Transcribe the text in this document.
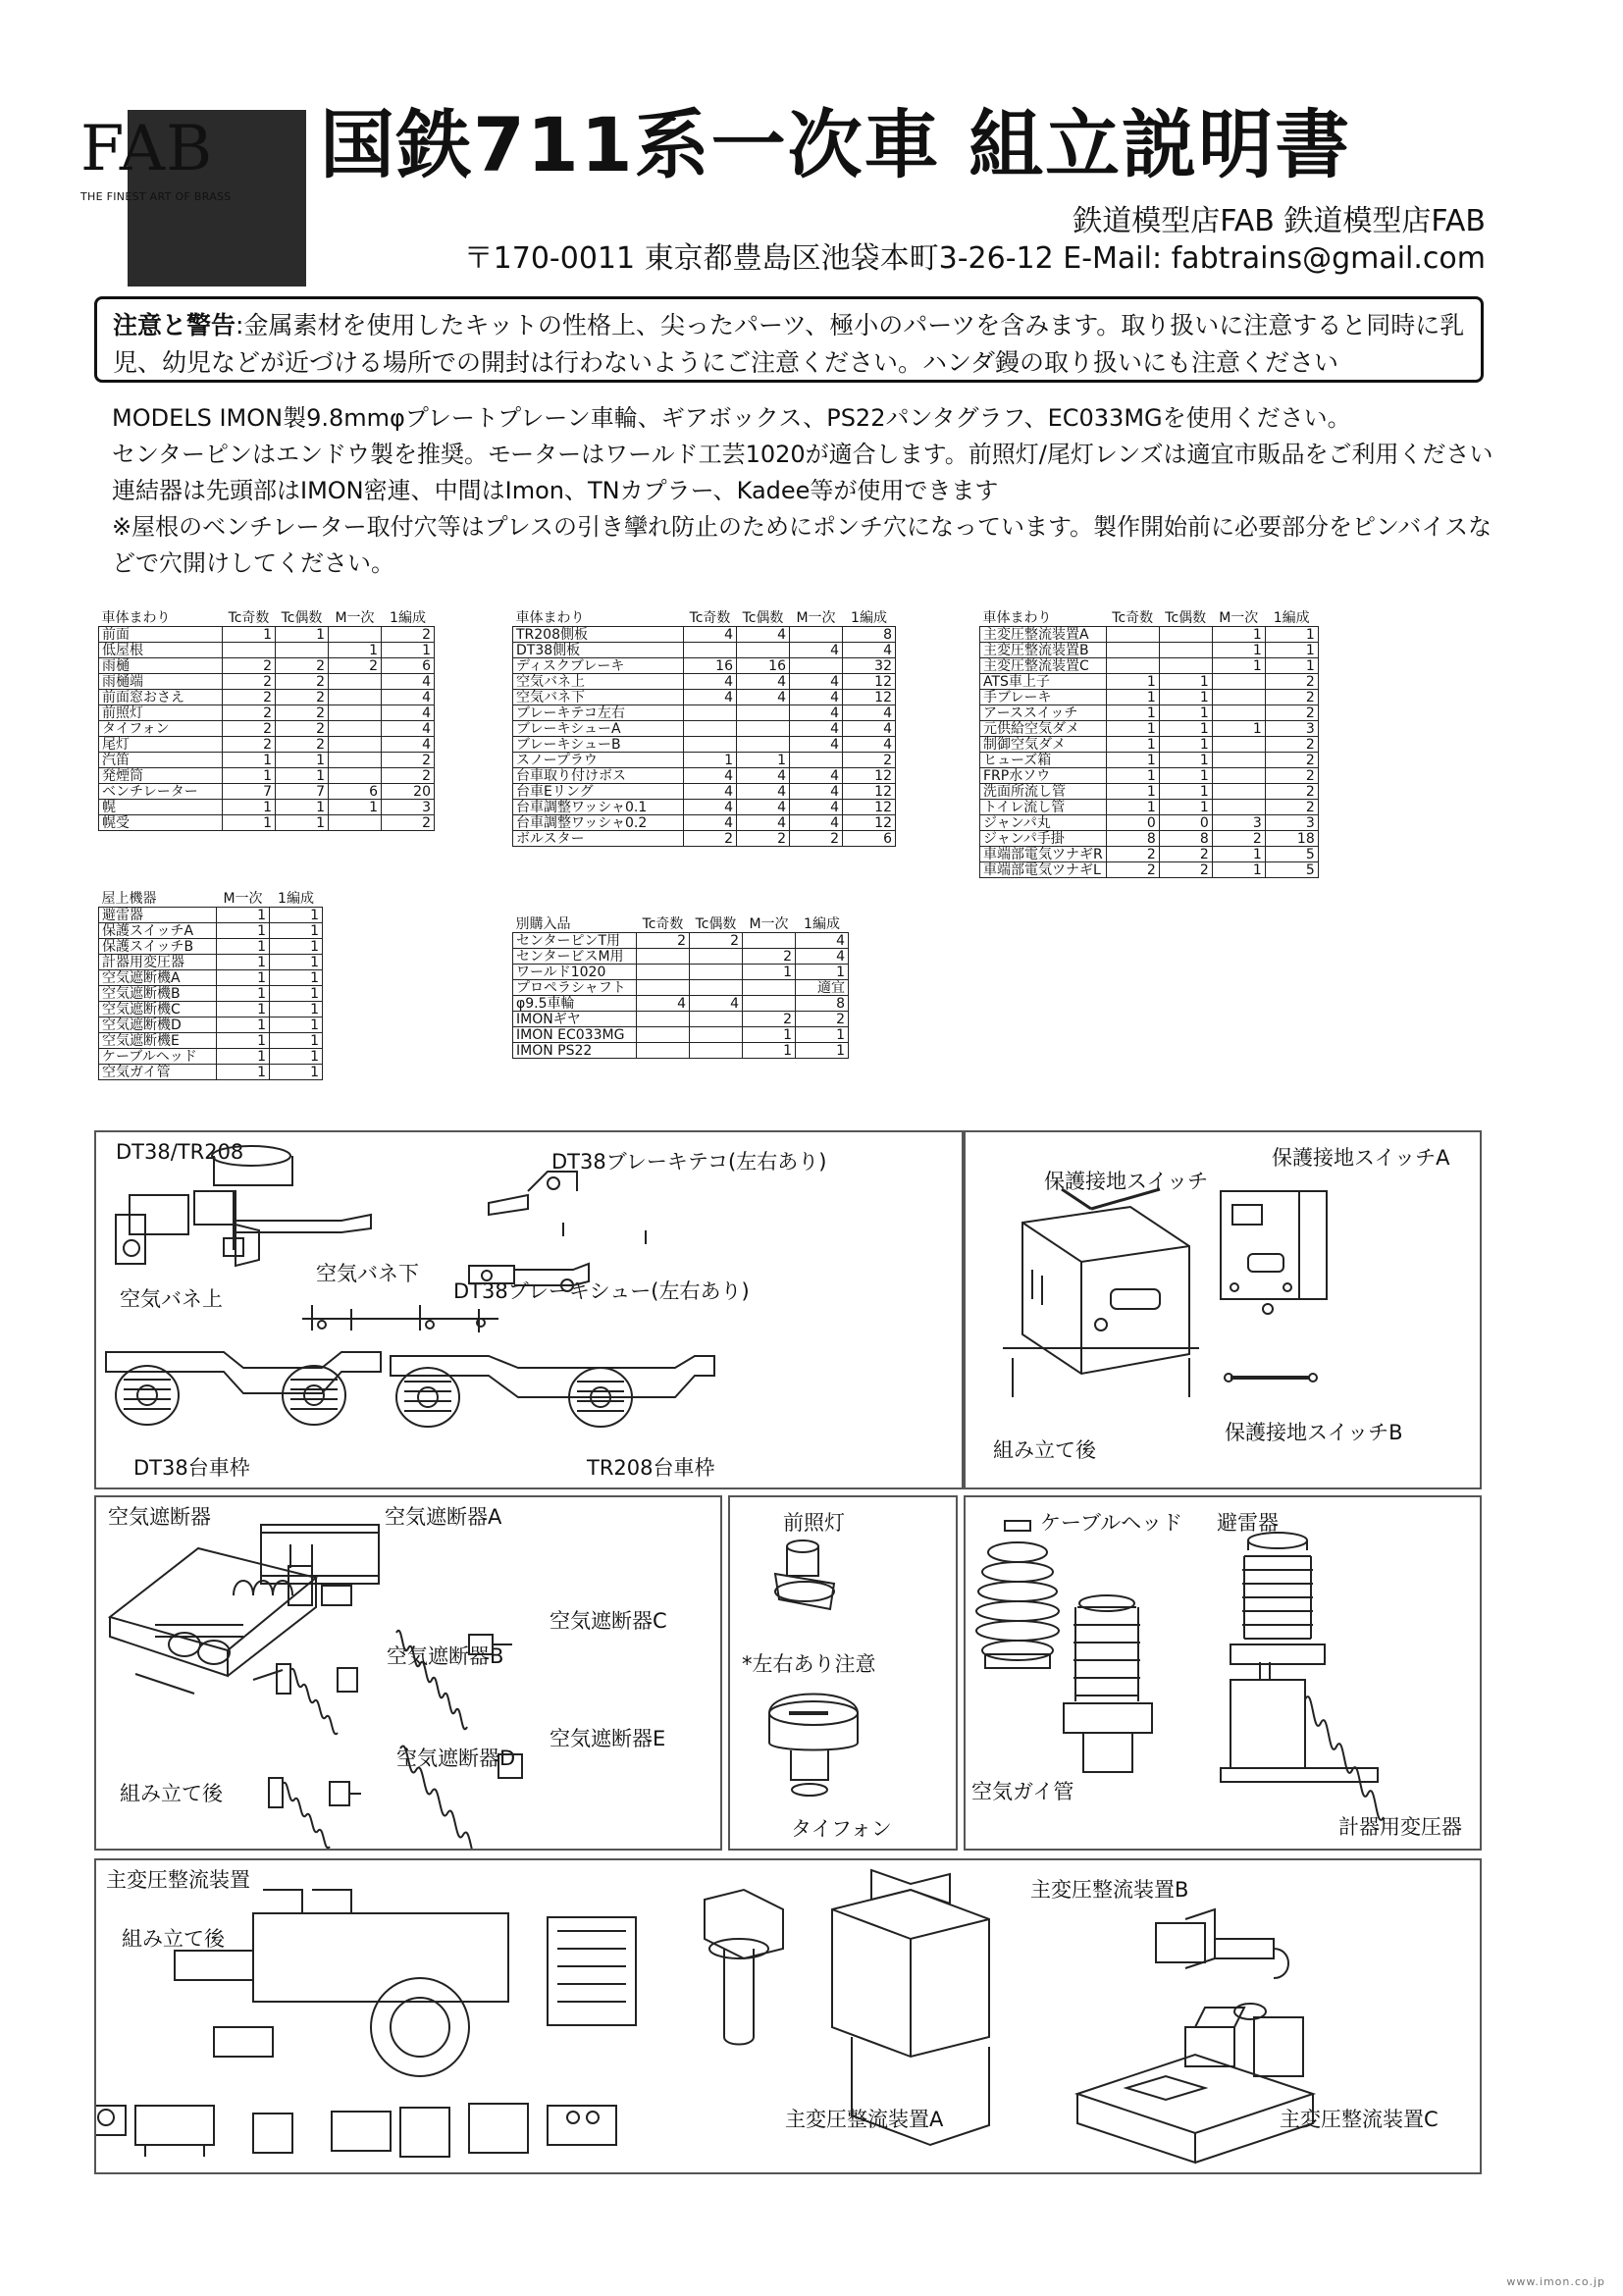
FAB
THE FINEST ART OF BRASS
国鉄711系一次車 組立説明書
鉄道模型店FAB 鉄道模型店FAB
〒170-0011 東京都豊島区池袋本町3-26-12 E-Mail: fabtrains@gmail.com
注意と警告:金属素材を使用したキットの性格上、尖ったパーツ、極小のパーツを含みます。取り扱いに注意すると同時に乳児、幼児などが近づける場所での開封は行わないようにご注意ください。ハンダ鏝の取り扱いにも注意ください
MODELS IMON製9.8mmφプレートプレーン車輪、ギアボックス、PS22パンタグラフ、EC033MGを使用ください。
センターピンはエンドウ製を推奨。モーターはワールド工芸1020が適合します。前照灯/尾灯レンズは適宜市販品をご利用ください
連結器は先頭部はIMON密連、中間はImon、TNカプラー、Kadee等が使用できます
※屋根のベンチレーター取付穴等はプレスの引き攣れ防止のためにポンチ穴になっています。製作開始前に必要部分をピンバイスなどで穴開けしてください。
車体まわり	Tc奇数	Tc偶数	M一次	1編成
前面	1	1		2
低屋根			1	1
雨樋	2	2	2	6
雨樋端	2	2		4
前面窓おさえ	2	2		4
前照灯	2	2		4
タイフォン	2	2		4
尾灯	2	2		4
汽笛	1	1		2
発煙筒	1	1		2
ベンチレーター	7	7	6	20
幌	1	1	1	3
幌受	1	1		2
車体まわり	Tc奇数	Tc偶数	M一次	1編成
TR208側板	4	4		8
DT38側板			4	4
ディスクブレーキ	16	16		32
空気バネ上	4	4	4	12
空気バネ下	4	4	4	12
ブレーキテコ左右			4	4
ブレーキシューA			4	4
ブレーキシューB			4	4
スノープラウ	1	1		2
台車取り付けボス	4	4	4	12
台車Eリング	4	4	4	12
台車調整ワッシャ0.1	4	4	4	12
台車調整ワッシャ0.2	4	4	4	12
ボルスター	2	2	2	6
車体まわり	Tc奇数	Tc偶数	M一次	1編成
主変圧整流装置A			1	1
主変圧整流装置B			1	1
主変圧整流装置C			1	1
ATS車上子	1	1		2
手ブレーキ	1	1		2
アーススイッチ	1	1		2
元供給空気ダメ	1	1	1	3
制御空気ダメ	1	1		2
ヒューズ箱	1	1		2
FRP水ソウ	1	1		2
洗面所流し管	1	1		2
トイレ流し管	1	1		2
ジャンパ丸	0	0	3	3
ジャンパ手掛	8	8	2	18
車端部電気ツナギR	2	2	1	5
車端部電気ツナギL	2	2	1	5
屋上機器	M一次	1編成
避雷器	1	1
保護スイッチA	1	1
保護スイッチB	1	1
計器用変圧器	1	1
空気遮断機A	1	1
空気遮断機B	1	1
空気遮断機C	1	1
空気遮断機D	1	1
空気遮断機E	1	1
ケーブルヘッド	1	1
空気ガイ管	1	1
別購入品	Tc奇数	Tc偶数	M一次	1編成
センターピンT用	2	2		4
センタービスM用			2	4
ワールド1020			1	1
プロペラシャフト				適宜
φ9.5車輪	4	4		8
IMONギヤ			2	2
IMON EC033MG			1	1
IMON PS22			1	1
DT38/TR208
空気バネ上
空気バネ下
DT38ブレーキテコ(左右あり)
DT38ブレーキシュー(左右あり)
DT38台車枠	TR208台車枠
保護接地スイッチ
保護接地スイッチA
組み立て後
保護接地スイッチB
空気遮断器	空気遮断器A
空気遮断器C
空気遮断器B
空気遮断器E
空気遮断器D
組み立て後
前照灯
*左右あり注意
タイフォン
ケーブルヘッド 避雷器
空気ガイ管
計器用変圧器
主変圧整流装置
組み立て後
主変圧整流装置B
主変圧整流装置A	主変圧整流装置C
www.imon.co.jp
